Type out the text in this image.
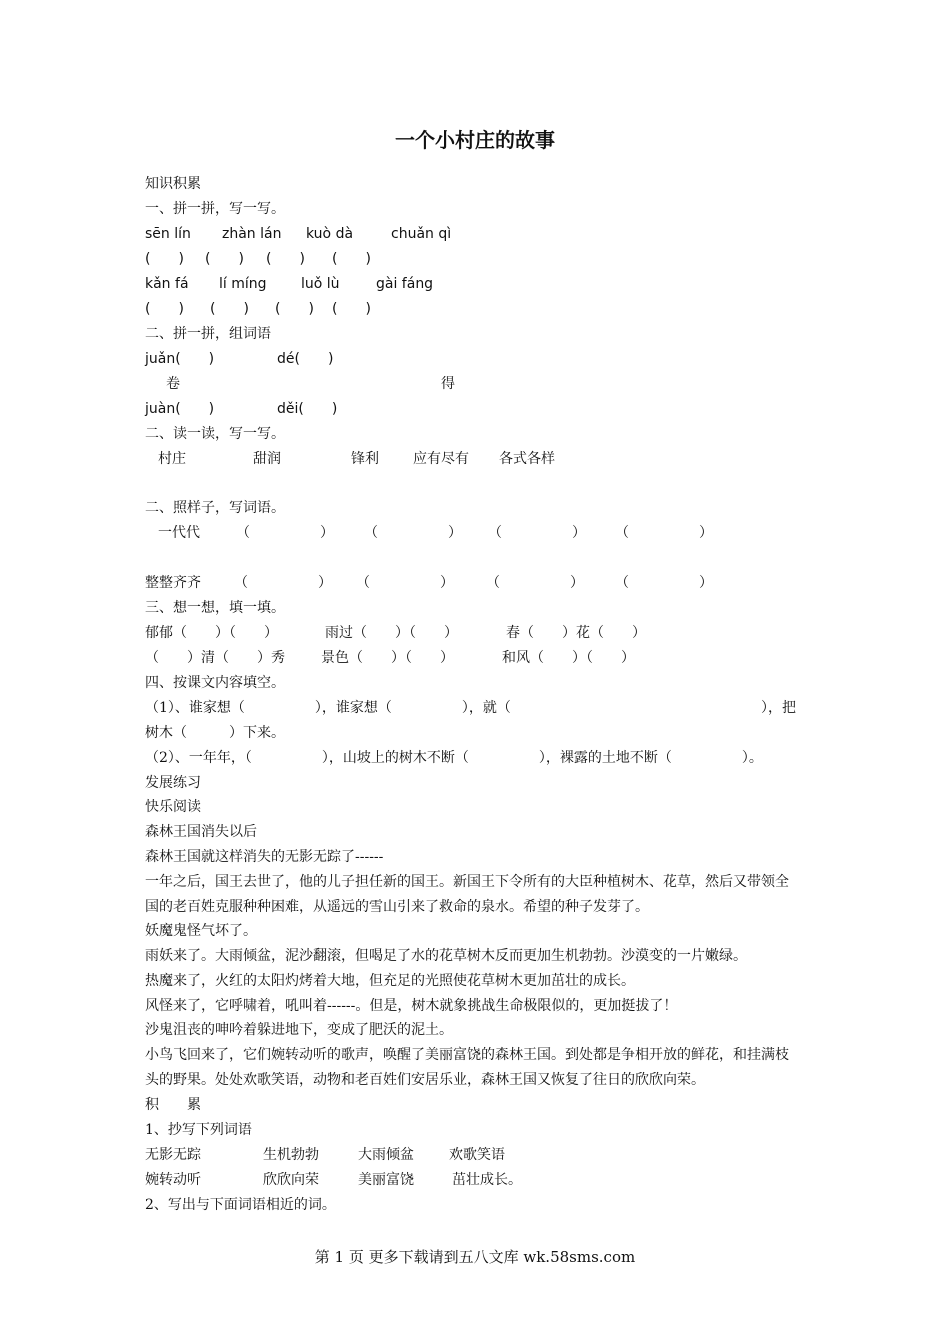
一个小村庄的故事
知识积累
一、拼一拼，写一写。
sēn lín zhàn lán kuò dà	chuǎn qì
(　　) (　　) (　　) (　　)
kǎn fá lí míng luǒ lù	gài fáng
(　　) (　　) (　　) (　　)
二、拼一拼，组词语
juǎn(　　)	dé(　　)
卷	得
juàn(　　)	děi(　　)
二、读一读，写一写。
村庄	甜润	锋利 应有尽有 各式各样
二、照样子，写词语。
一代代	（　　　　　） （　　　　　） （　　　　　） （　　　　　）
整整齐齐 （　　　　　） （　　　　　） （　　　　　） （　　　　　）
三、想一想，填一填。
郁郁（　　）（　　）	雨过（　　）（　　）	春（　　）花（　　）
（　　）清（　　）秀	景色（　　）（　　）	和风（　　）（　　）
四、按课文内容填空。
（1）、谁家想（　　　　　），谁家想（　　　　　），就（	），把
树木（　　　）下来。
（2）、一年年，（　　　　　），山坡上的树木不断（　　　　　），裸露的土地不断（　　　　　）。
发展练习
快乐阅读
森林王国消失以后
森林王国就这样消失的无影无踪了------
一年之后，国王去世了，他的儿子担任新的国王。新国王下令所有的大臣种植树木、花草，然后又带领全
国的老百姓克服种种困难，从遥远的雪山引来了救命的泉水。希望的种子发芽了。
妖魔鬼怪气坏了。
雨妖来了。大雨倾盆，泥沙翻滚，但喝足了水的花草树木反而更加生机勃勃。沙漠变的一片嫩绿。
热魔来了，火红的太阳灼烤着大地，但充足的光照使花草树木更加茁壮的成长。
风怪来了，它呼啸着，吼叫着------。但是，树木就象挑战生命极限似的，更加挺拔了！
沙鬼沮丧的呻吟着躲进地下，变成了肥沃的泥土。
小鸟飞回来了，它们婉转动听的歌声，唤醒了美丽富饶的森林王国。到处都是争相开放的鲜花，和挂满枝
头的野果。处处欢歌笑语，动物和老百姓们安居乐业，森林王国又恢复了往日的欣欣向荣。
积　　累
1、抄写下列词语
无影无踪	生机勃勃	大雨倾盆	欢歌笑语
婉转动听	欣欣向荣	美丽富饶	茁壮成长。
2、写出与下面词语相近的词。
第 1 页 更多下载请到五八文库 wk.58sms.com
